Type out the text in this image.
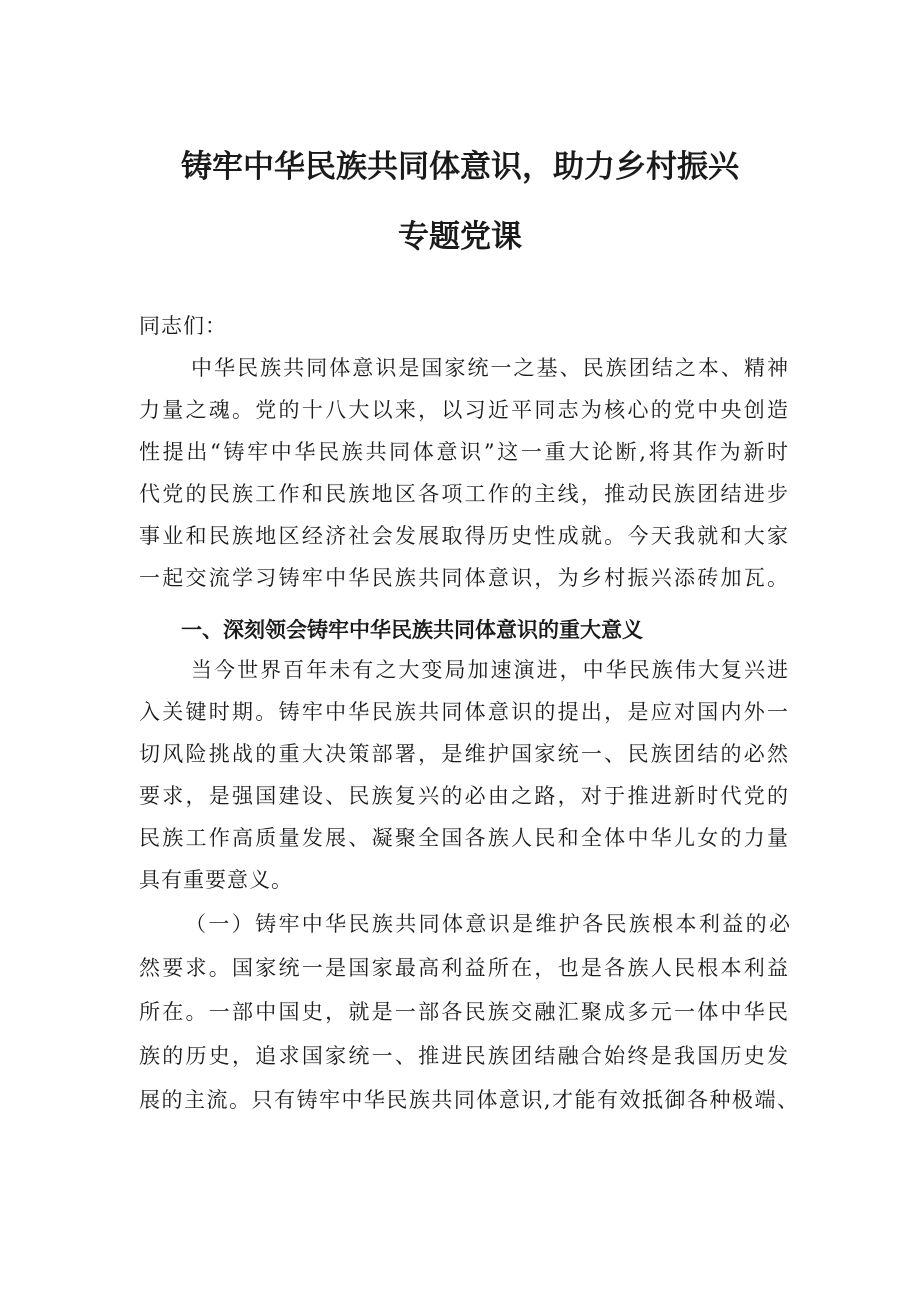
铸牢中华民族共同体意识，助力乡村振兴
专题党课

同志们：

中华民族共同体意识是国家统一之基、民族团结之本、精神

力量之魂。党的十八大以来，以习近平同志为核心的党中央创造

性提出“铸牢中华民族共同体意识”这一重大论断,将其作为新时

代党的民族工作和民族地区各项工作的主线，推动民族团结进步

事业和民族地区经济社会发展取得历史性成就。今天我就和大家

一起交流学习铸牢中华民族共同体意识，为乡村振兴添砖加瓦。

一、深刻领会铸牢中华民族共同体意识的重大意义

当今世界百年未有之大变局加速演进，中华民族伟大复兴进

入关键时期。铸牢中华民族共同体意识的提出，是应对国内外一

切风险挑战的重大决策部署，是维护国家统一、民族团结的必然

要求，是强国建设、民族复兴的必由之路，对于推进新时代党的

民族工作高质量发展、凝聚全国各族人民和全体中华儿女的力量

具有重要意义。

（一）铸牢中华民族共同体意识是维护各民族根本利益的必

然要求。国家统一是国家最高利益所在，也是各族人民根本利益

所在。一部中国史，就是一部各民族交融汇聚成多元一体中华民

族的历史，追求国家统一、推进民族团结融合始终是我国历史发

展的主流。只有铸牢中华民族共同体意识,才能有效抵御各种极端、
